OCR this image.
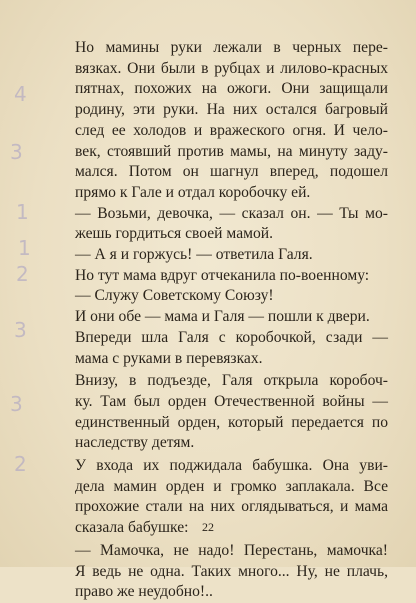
4
3
1
1
2
3
3
2

Но мамины руки лежали в черных пере-
вязках. Они были в рубцах и лилово-красных
пятнах, похожих на ожоги. Они защищали
родину, эти руки. На них остался багровый
след ее холодов и вражеского огня. И чело-
век, стоявший против мамы, на минуту заду-
мался. Потом он шагнул вперед, подошел
прямо к Гале и отдал коробочку ей.

— Возьми, девочка, — сказал он. — Ты мо-
жешь гордиться своей мамой.

— А я и горжусь! — ответила Галя.

Но тут мама вдруг отчеканила по-военному:

— Служу Советскому Союзу!

И они обе — мама и Галя — пошли к двери.

Впереди шла Галя с коробочкой, сзади —
мама с руками в перевязках.

Внизу, в подъезде, Галя открыла коробоч-
ку. Там был орден Отечественной войны —
единственный орден, который передается по
наследству детям.

У входа их поджидала бабушка. Она уви-
дела мамин орден и громко заплакала. Все
прохожие стали на них оглядываться, и мама
сказала бабушке:

— Мамочка, не надо! Перестань, мамочка!
Я ведь не одна. Таких много... Ну, не плачь,
право же неудобно!..

22
